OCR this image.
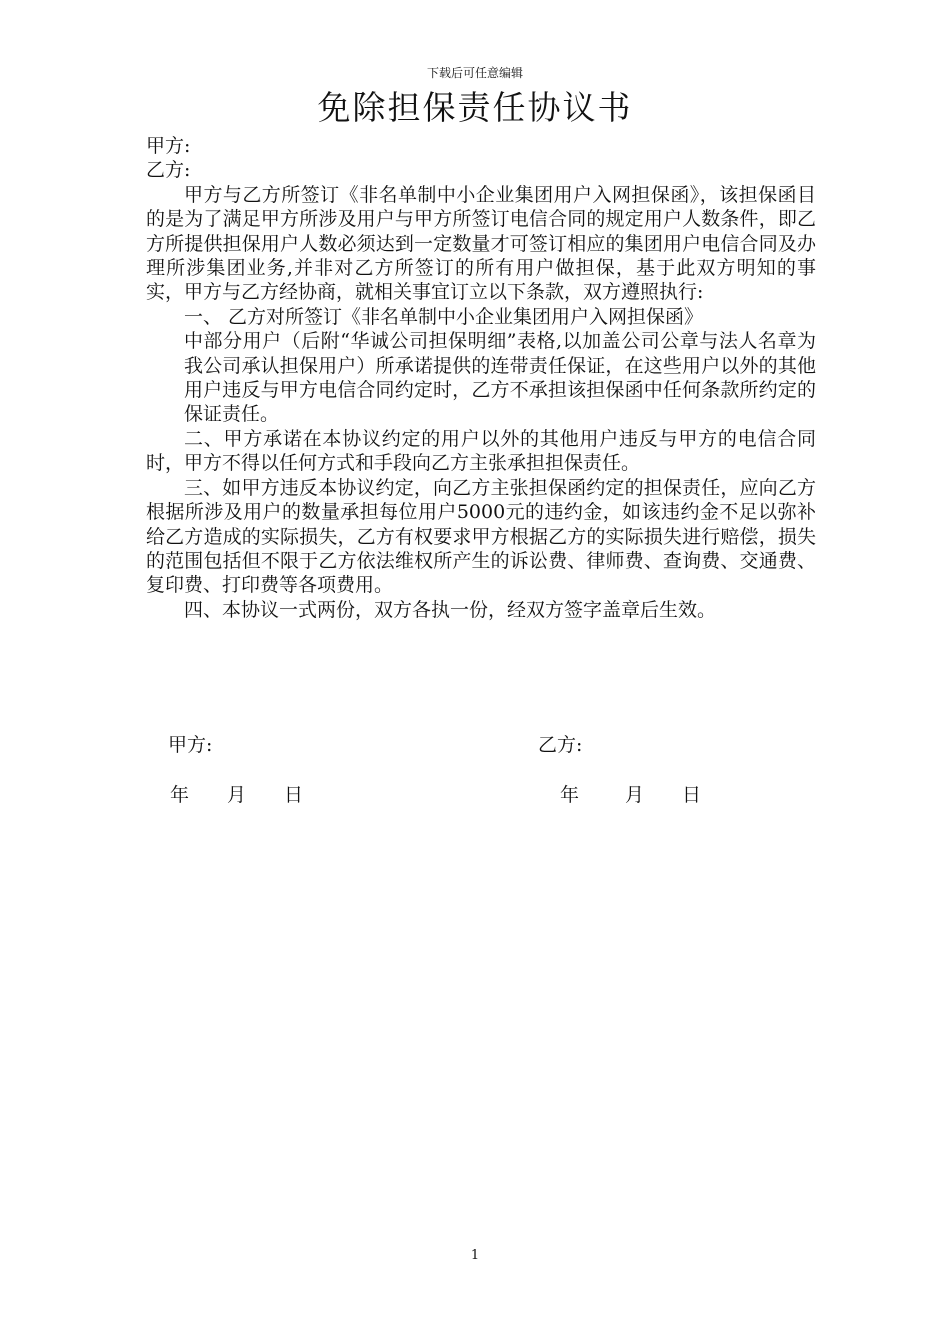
下载后可任意编辑
免除担保责任协议书
甲方:
乙方:
甲方与乙方所签订《非名单制中小企业集团用户入网担保函》，该担保函目的是为了满足甲方所涉及用户与甲方所签订电信合同的规定用户人数条件，即乙方所提供担保用户人数必须达到一定数量才可签订相应的集团用户电信合同及办理所涉集团业务,并非对乙方所签订的所有用户做担保，基于此双方明知的事实，甲方与乙方经协商，就相关事宜订立以下条款，双方遵照执行:
一、 乙方对所签订《非名单制中小企业集团用户入网担保函》
中部分用户（后附“华诚公司担保明细”表格,以加盖公司公章与法人名章为我公司承认担保用户）所承诺提供的连带责任保证，在这些用户以外的其他用户违反与甲方电信合同约定时，乙方不承担该担保函中任何条款所约定的保证责任。
二、甲方承诺在本协议约定的用户以外的其他用户违反与甲方的电信合同时，甲方不得以任何方式和手段向乙方主张承担担保责任。
三、如甲方违反本协议约定，向乙方主张担保函约定的担保责任，应向乙方根据所涉及用户的数量承担每位用户5000元的违约金，如该违约金不足以弥补给乙方造成的实际损失，乙方有权要求甲方根据乙方的实际损失进行赔偿，损失的范围包括但不限于乙方依法维权所产生的诉讼费、律师费、查询费、交通费、复印费、打印费等各项费用。
四、本协议一式两份，双方各执一份，经双方签字盖章后生效。
甲方:	乙方:
年 月 日	年 月 日
1
